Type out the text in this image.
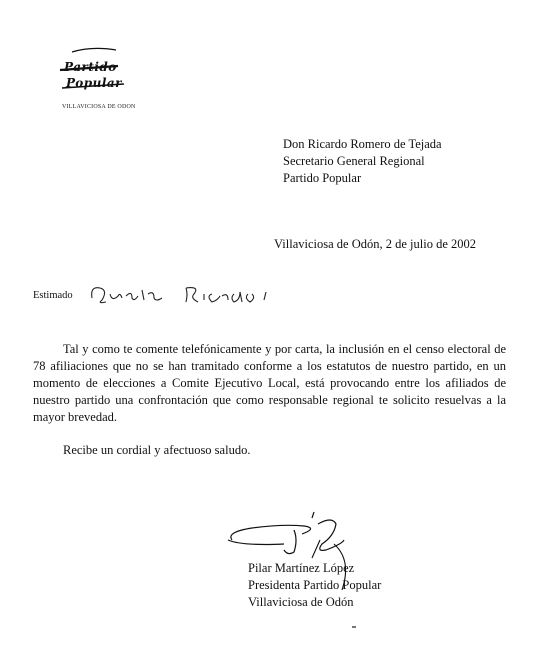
Partido
Popular
VILLAVICIOSA DE ODON
Don Ricardo Romero de Tejada
Secretario General Regional
Partido Popular
Villaviciosa de Odón, 2 de julio de 2002
Estimado

Tal y como te comente telefónicamente y por carta, la inclusión en el censo electoral de 78 afiliaciones que no se han tramitado conforme a los estatutos de nuestro partido, en un momento de elecciones a Comite Ejecutivo Local, está provocando entre los afiliados de nuestro partido una confrontación que como responsable regional te solicito resuelvas a la mayor brevedad.

Recibe un cordial y afectuoso saludo.
Pilar Martínez López
Presidenta Partido Popular
Villaviciosa de Odón
